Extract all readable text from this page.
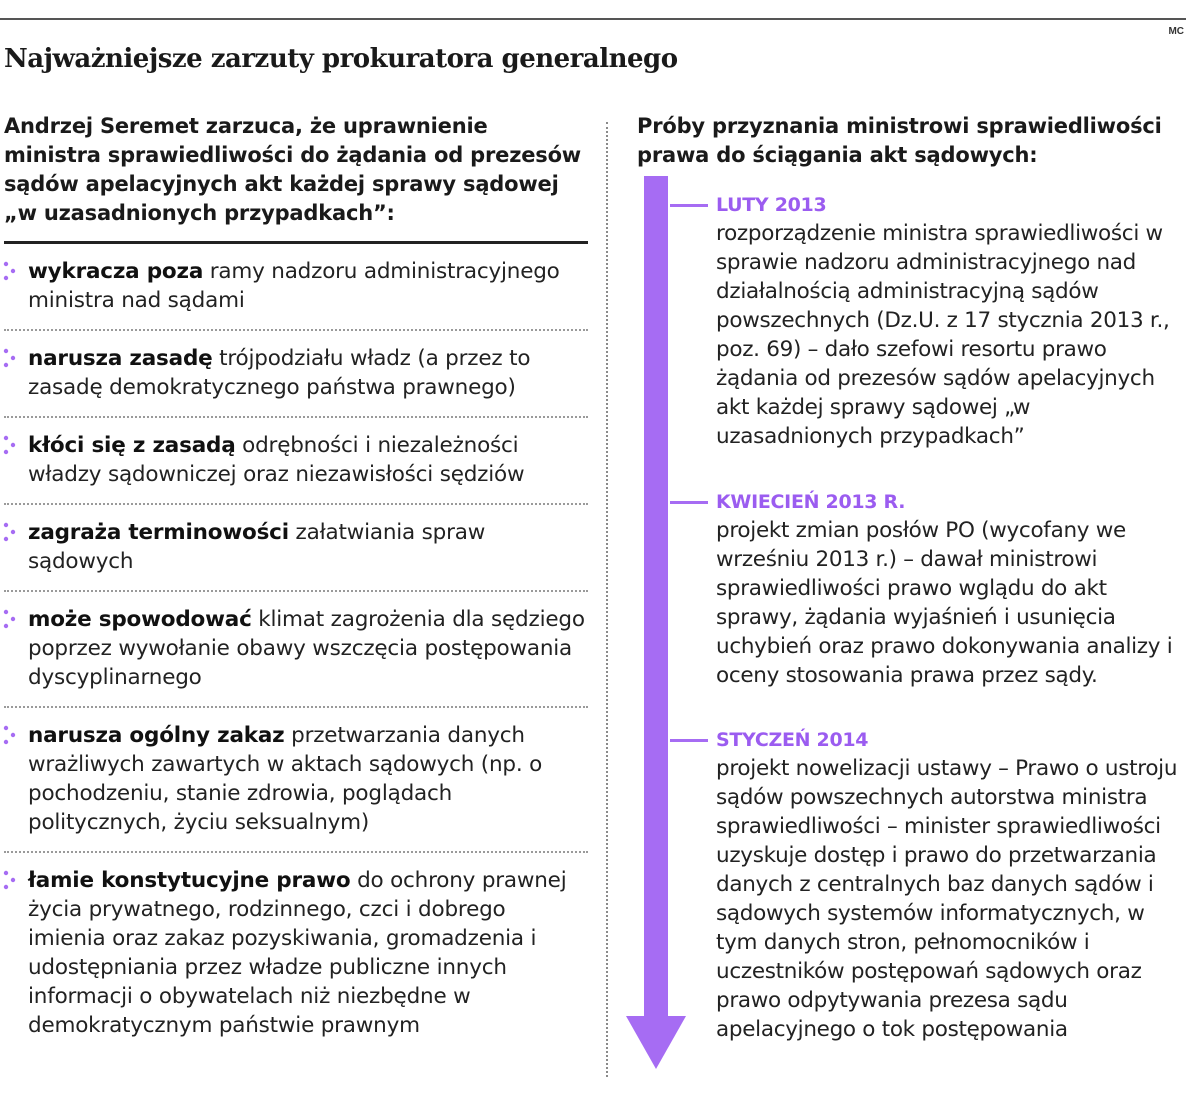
MC
Najważniejsze zarzuty prokuratora generalnego
Andrzej Seremet zarzuca, że uprawnienie ministra sprawiedliwości do żądania od prezesów sądów apelacyjnych akt każdej sprawy sądowej „w uzasadnionych przypadkach”:
wykracza poza ramy nadzoru administracyjnego ministra nad sądami
narusza zasadę trójpodziału władz (a przez to zasadę demokratycznego państwa prawnego)
kłóci się z zasadą odrębności i niezależności władzy sądowniczej oraz niezawisłości sędziów
zagraża terminowości załatwiania spraw sądowych
może spowodować klimat zagrożenia dla sędziego poprzez wywołanie obawy wszczęcia postępowania dyscyplinarnego
narusza ogólny zakaz przetwarzania danych wrażliwych zawartych w aktach sądowych (np. o pochodzeniu, stanie zdrowia, poglądach politycznych, życiu seksualnym)
łamie konstytucyjne prawo do ochrony prawnej życia prywatnego, rodzinnego, czci i dobrego imienia oraz zakaz pozyskiwania, gromadzenia i udostępniania przez władze publiczne innych informacji o obywatelach niż niezbędne w demokratycznym państwie prawnym
Próby przyznania ministrowi sprawiedliwości prawa do ściągania akt sądowych:
LUTY 2013
rozporządzenie ministra sprawiedliwości w sprawie nadzoru administracyjnego nad działalnością administracyjną sądów powszechnych (Dz.U. z 17 stycznia 2013 r., poz. 69) – dało szefowi resortu prawo żądania od prezesów sądów apelacyjnych akt każdej sprawy sądowej „w uzasadnionych przypadkach”
KWIECIEŃ 2013 R.
projekt zmian posłów PO (wycofany we wrześniu 2013 r.) – dawał ministrowi sprawiedliwości prawo wglądu do akt sprawy, żądania wyjaśnień i usunięcia uchybień oraz prawo dokonywania analizy i oceny stosowania prawa przez sądy.
STYCZEŃ 2014
projekt nowelizacji ustawy – Prawo o ustroju sądów powszechnych autorstwa ministra sprawiedliwości – minister sprawiedliwości uzyskuje dostęp i prawo do przetwarzania danych z centralnych baz danych sądów i sądowych systemów informatycznych, w tym danych stron, pełnomocników i uczestników postępowań sądowych oraz prawo odpytywania prezesa sądu apelacyjnego o tok postępowania
